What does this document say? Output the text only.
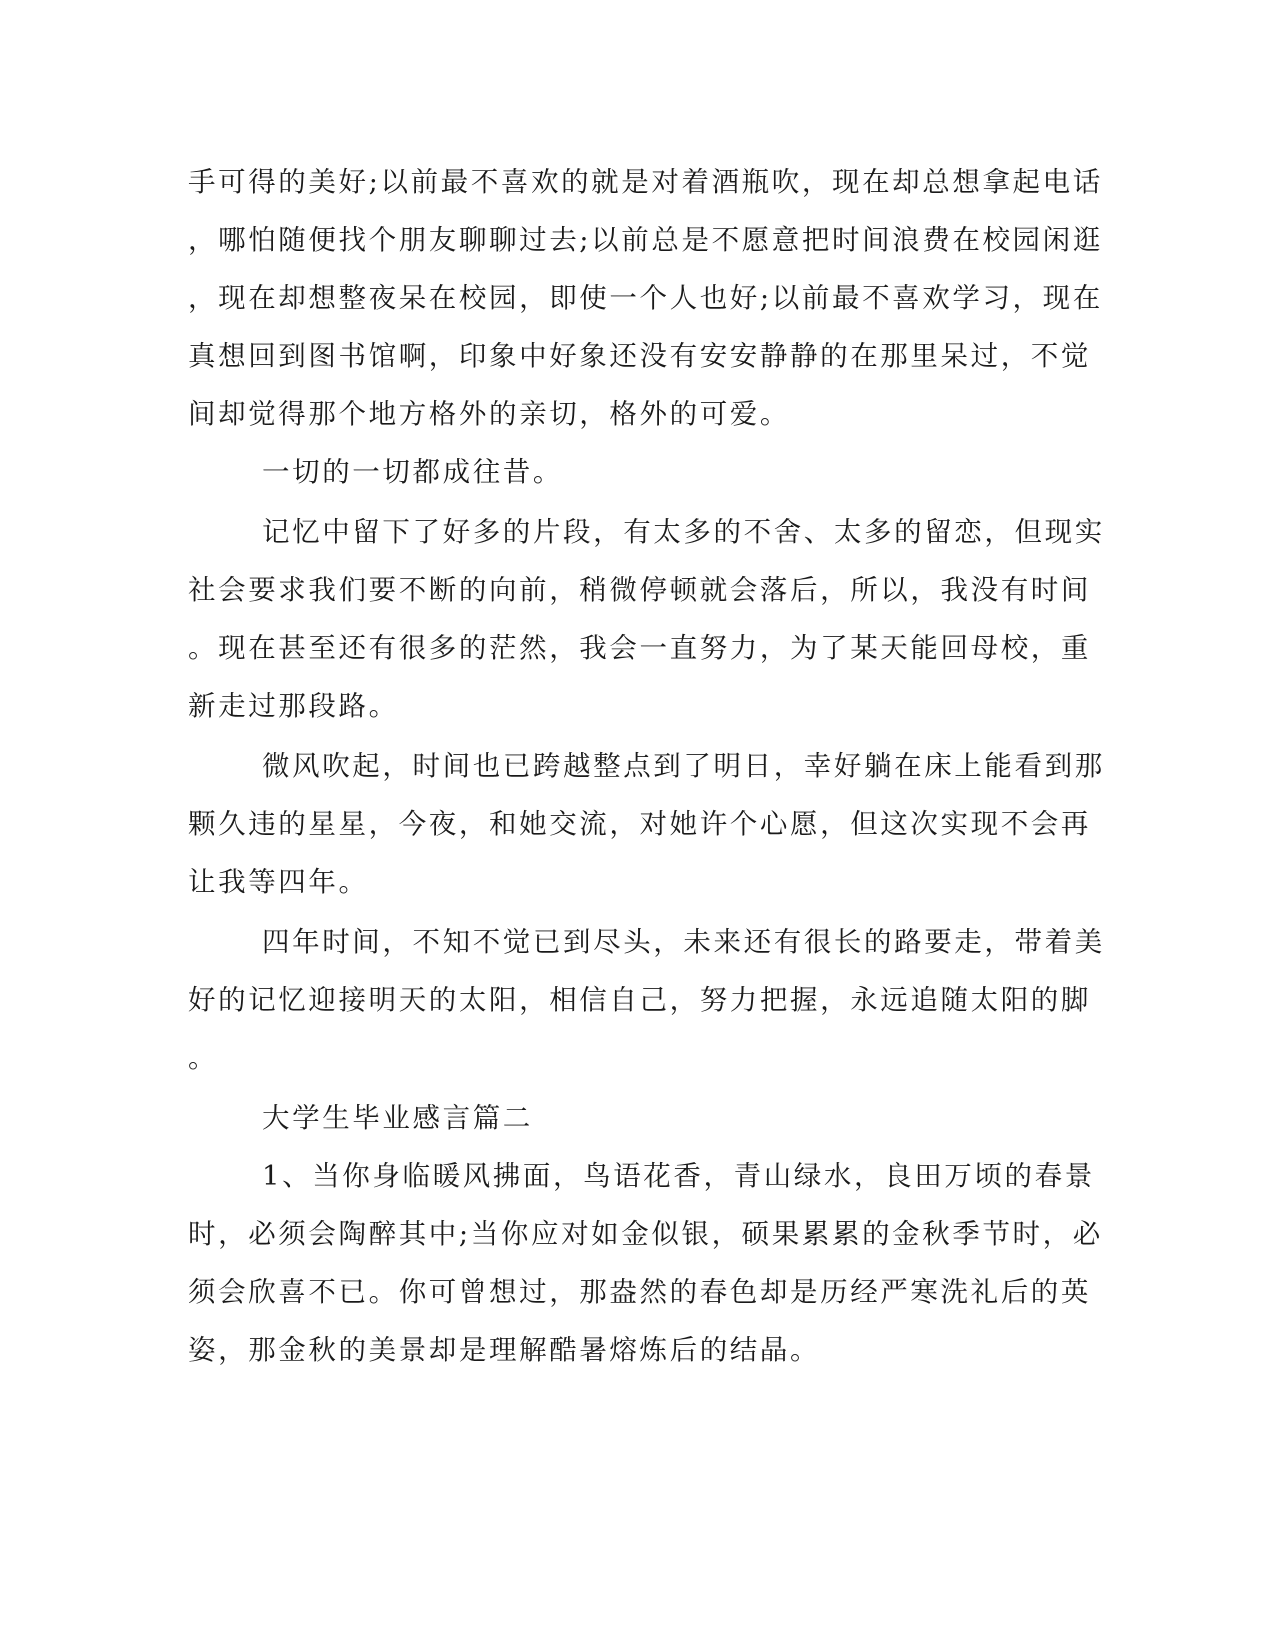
手可得的美好;以前最不喜欢的就是对着酒瓶吹，现在却总想拿起电话
，哪怕随便找个朋友聊聊过去;以前总是不愿意把时间浪费在校园闲逛
，现在却想整夜呆在校园，即使一个人也好;以前最不喜欢学习，现在
真想回到图书馆啊，印象中好象还没有安安静静的在那里呆过，不觉
间却觉得那个地方格外的亲切，格外的可爱。
一切的一切都成往昔。
记忆中留下了好多的片段，有太多的不舍、太多的留恋，但现实
社会要求我们要不断的向前，稍微停顿就会落后，所以，我没有时间
。现在甚至还有很多的茫然，我会一直努力，为了某天能回母校，重
新走过那段路。
微风吹起，时间也已跨越整点到了明日，幸好躺在床上能看到那
颗久违的星星，今夜，和她交流，对她许个心愿，但这次实现不会再
让我等四年。
四年时间，不知不觉已到尽头，未来还有很长的路要走，带着美
好的记忆迎接明天的太阳，相信自己，努力把握，永远追随太阳的脚
。
大学生毕业感言篇二
1、当你身临暖风拂面，鸟语花香，青山绿水，良田万顷的春景
时，必须会陶醉其中;当你应对如金似银，硕果累累的金秋季节时，必
须会欣喜不已。你可曾想过，那盎然的春色却是历经严寒洗礼后的英
姿，那金秋的美景却是理解酷暑熔炼后的结晶。
